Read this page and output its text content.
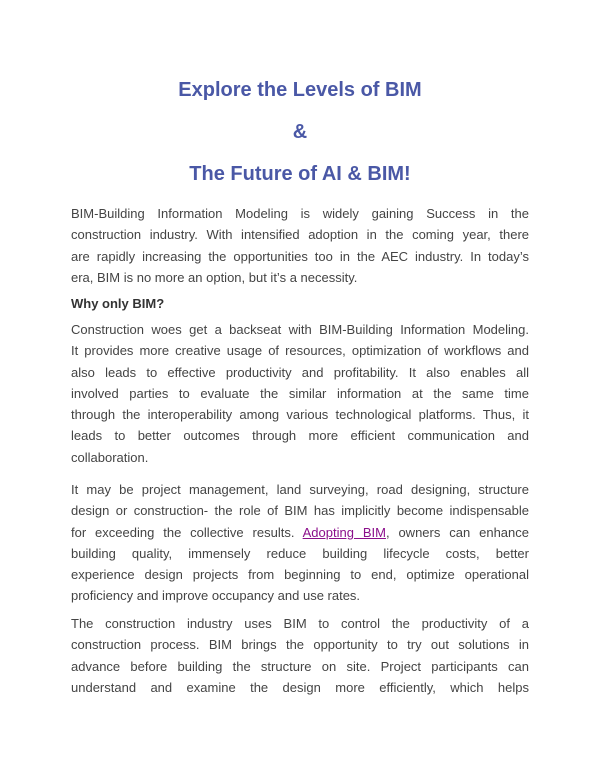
Explore the Levels of BIM
&
The Future of AI & BIM!
BIM-Building Information Modeling is widely gaining Success in the
construction industry. With intensified adoption in the coming year, there
are rapidly increasing the opportunities too in the AEC industry. In today’s
era, BIM is no more an option, but it’s a necessity.
Why only BIM?
Construction woes get a backseat with BIM-Building Information Modeling.
It provides more creative usage of resources, optimization of workflows and
also leads to effective productivity and profitability. It also enables all
involved parties to evaluate the similar information at the same time
through the interoperability among various technological platforms. Thus, it
leads to better outcomes through more efficient communication and
collaboration.
It may be project management, land surveying, road designing, structure
design or construction- the role of BIM has implicitly become indispensable
for exceeding the collective results. Adopting BIM, owners can enhance
building quality, immensely reduce building lifecycle costs, better
experience design projects from beginning to end, optimize operational
proficiency and improve occupancy and use rates.
The construction industry uses BIM to control the productivity of a
construction process. BIM brings the opportunity to try out solutions in
advance before building the structure on site. Project participants can
understand and examine the design more efficiently, which helps
